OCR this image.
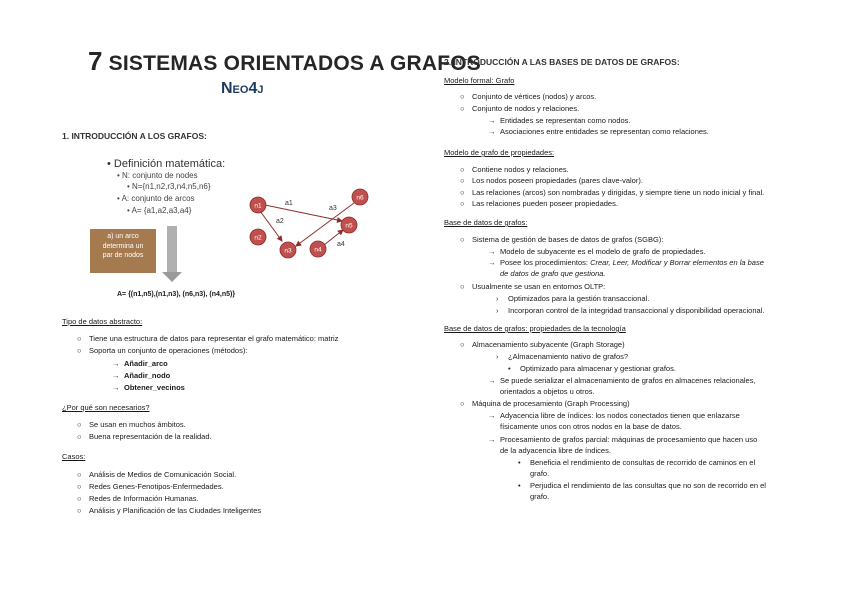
7 SISTEMAS ORIENTADOS A GRAFOS
Neo4j
1. INTRODUCCIÓN A LOS GRAFOS:
• Definición matemática:
• N: conjunto de nodes
• N={n1,n2,r3,n4,n5,n6}
• A: conjunto de arcos
• A= {a1,a2,a3,a4}
a) un arco
determina un
par de nodos
a1
a2
a3
a4
n1
n2
n3	n4
n5
n6
A= {(n1,n5),(n1,n3), (n6,n3), (n4,n5)}
Tipo de datos abstracto:
○ Tiene una estructura de datos para representar el grafo matemático: matriz
○ Soporta un conjunto de operaciones (métodos):
→ Añadir_arco
→ Añadir_nodo
→ Obtener_vecinos
¿Por qué son necesarios?
○ Se usan en muchos ámbitos.
○ Buena representación de la realidad.
Casos:
○ Análisis de Medios de Comunicación Social.
○ Redes Genes-Fenotipos-Enfermedades.
○ Redes de Información Humanas.
○ Análisis y Planificación de las Ciudades Inteligentes
2. INTRODUCCIÓN A LAS BASES DE DATOS DE GRAFOS:
Modelo formal: Grafo
○ Conjunto de vértices (nodos) y arcos.
○ Conjunto de nodos y relaciones.
→ Entidades se representan como nodos.
→ Asociaciones entre entidades se representan como relaciones.
Modelo de grafo de propiedades:
○ Contiene nodos y relaciones.
○ Los nodos poseen propiedades (pares clave-valor).
○ Las relaciones (arcos) son nombradas y dirigidas, y siempre tiene un nodo inicial y final.
○ Las relaciones pueden poseer propiedades.
Base de datos de grafos:
○ Sistema de gestión de bases de datos de grafos (SGBG):
→ Modelo de subyacente es el modelo de grafo de propiedades.
→ Posee los procedimientos: Crear, Leer, Modificar y Borrar elementos en la base
de datos de grafo que gestiona.
○ Usualmente se usan en entornos OLTP:
› Optimizados para la gestión transaccional.
› Incorporan control de la integridad transaccional y disponibilidad operacional.
Base de datos de grafos: propiedades de la tecnología
○ Almacenamiento subyacente (Graph Storage)
› ¿Almacenamiento nativo de grafos?
• Optimizado para almacenar y gestionar grafos.
→ Se puede serializar el almacenamiento de grafos en almacenes relacionales,
orientados a objetos u otros.
○ Máquina de procesamiento (Graph Processing)
→ Adyacencia libre de índices: los nodos conectados tienen que enlazarse
físicamente unos con otros nodos en la base de datos.
→ Procesamiento de grafos parcial: máquinas de procesamiento que hacen uso
de la adyacencia libre de índices.
• Beneficia el rendimiento de consultas de recorrido de caminos en el
grafo.
• Perjudica el rendimiento de las consultas que no son de recorrido en el
grafo.
